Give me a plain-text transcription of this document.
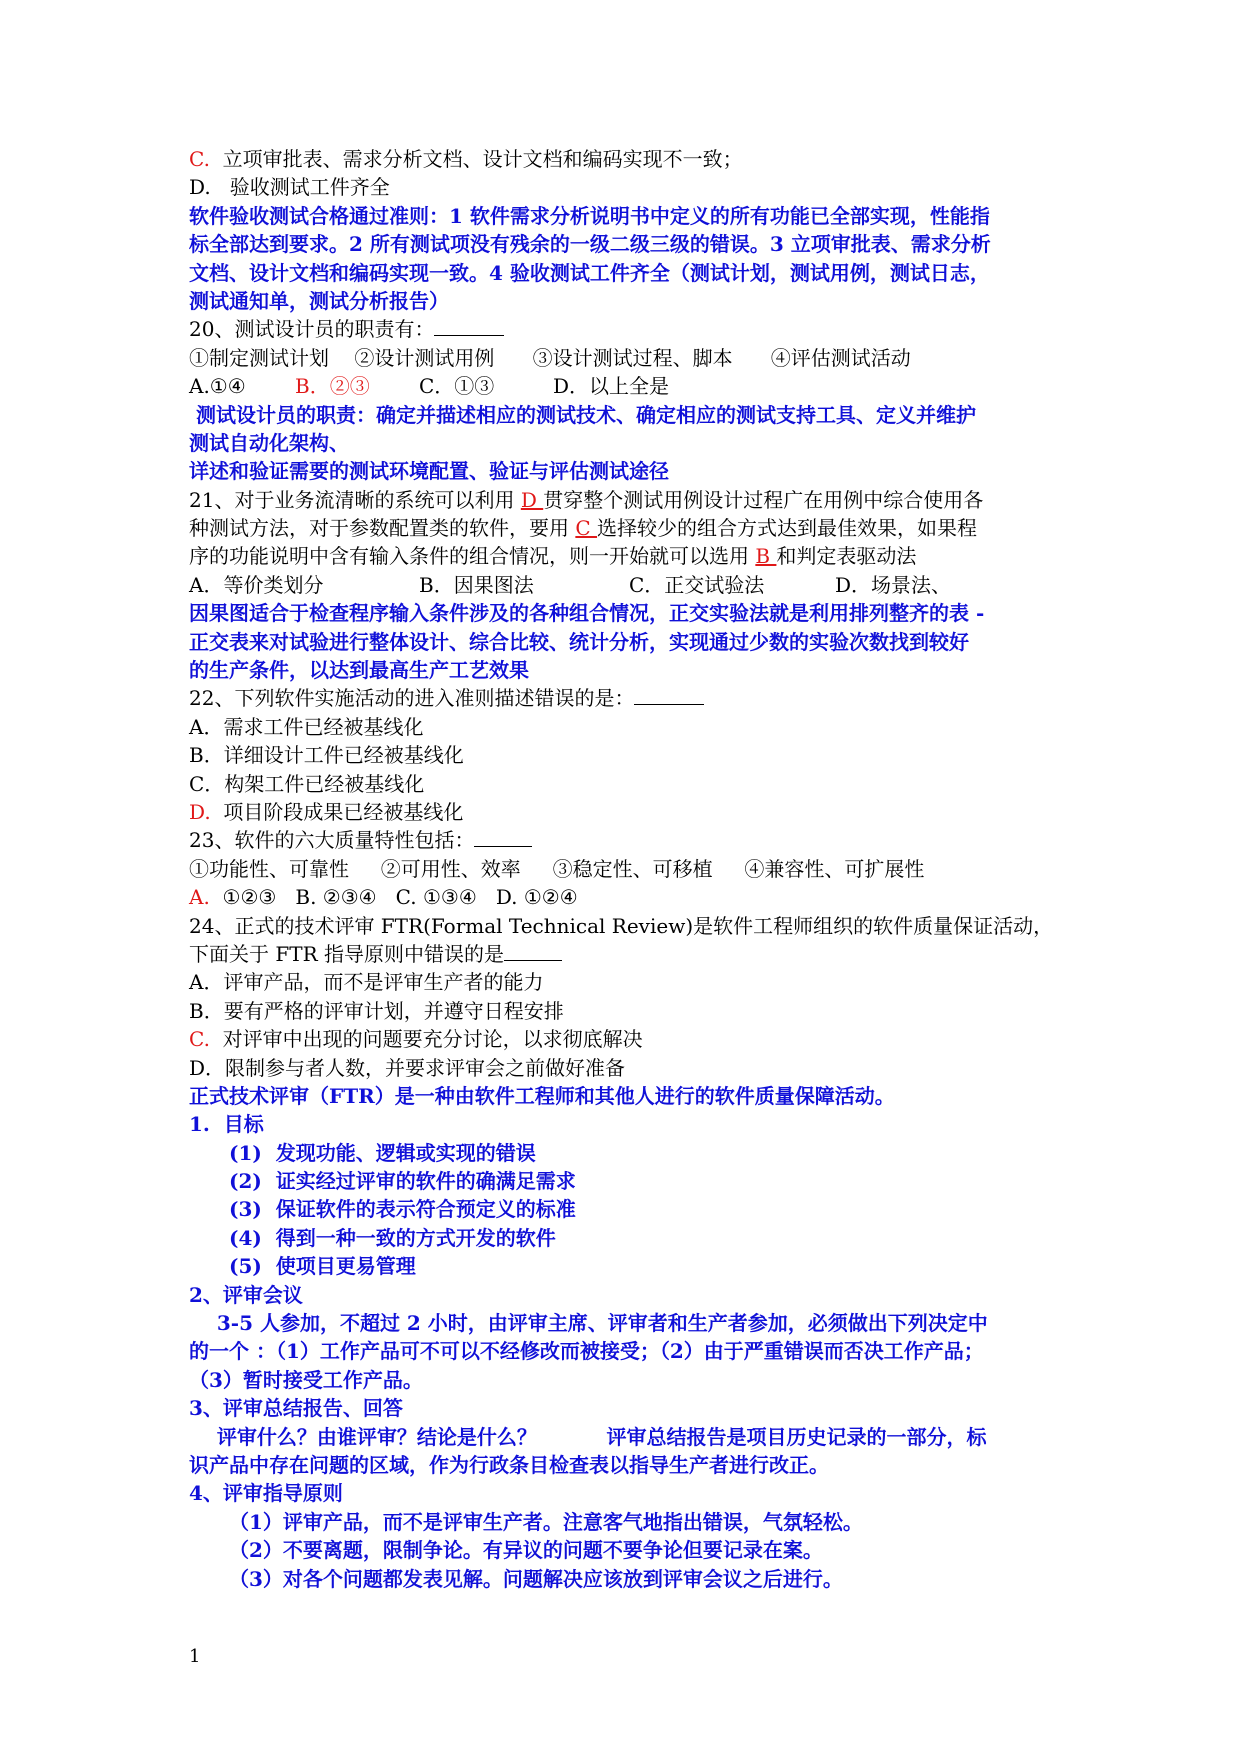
C.  立项审批表、需求分析文档、设计文档和编码实现不一致；
D.   验收测试工件齐全
软件验收测试合格通过准则：1 软件需求分析说明书中定义的所有功能已全部实现，性能指
标全部达到要求。2 所有测试项没有残余的一级二级三级的错误。3 立项审批表、需求分析
文档、设计文档和编码实现一致。4 验收测试工件齐全（测试计划，测试用例，测试日志，
测试通知单，测试分析报告）
20、测试设计员的职责有：
①制定测试计划    ②设计测试用例      ③设计测试过程、脚本      ④评估测试活动
A.①④ B．②③ C．①③	D．以上全是
测试设计员的职责：确定并描述相应的测试技术、确定相应的测试支持工具、定义并维护
测试自动化架构、
详述和验证需要的测试环境配置、验证与评估测试途径
21、对于业务流清晰的系统可以利用 D 贯穿整个测试用例设计过程广在用例中综合使用各
种测试方法，对于参数配置类的软件，要用 C 选择较少的组合方式达到最佳效果，如果程
序的功能说明中含有输入条件的组合情况，则一开始就可以选用 B 和判定表驱动法
A．等价类划分	B．因果图法	C．正交试验法	D．场景法、
因果图适合于检查程序输入条件涉及的各种组合情况，正交实验法就是利用排列整齐的表 -
正交表来对试验进行整体设计、综合比较、统计分析，实现通过少数的实验次数找到较好
的生产条件，以达到最高生产工艺效果
22、下列软件实施活动的进入准则描述错误的是：
A．需求工件已经被基线化
B．详细设计工件已经被基线化
C．构架工件已经被基线化
D.  项目阶段成果已经被基线化
23、软件的六大质量特性包括：
①功能性、可靠性     ②可用性、效率     ③稳定性、可移植     ④兼容性、可扩展性
A.  ①②③   B. ②③④   C. ①③④   D. ①②④
24、正式的技术评审 FTR(Formal Technical Review)是软件工程师组织的软件质量保证活动，
下面关于 FTR 指导原则中错误的是
A．评审产品，而不是评审生产者的能力
B．要有严格的评审计划，并遵守日程安排
C.  对评审中出现的问题要充分讨论，以求彻底解决
D．限制参与者人数，并要求评审会之前做好准备
正式技术评审（FTR）是一种由软件工程师和其他人进行的软件质量保障活动。
1.  目标
(1)  发现功能、逻辑或实现的错误
(2)  证实经过评审的软件的确满足需求
(3)  保证软件的表示符合预定义的标准
(4)  得到一种一致的方式开发的软件
(5)  使项目更易管理
2、评审会议
3-5 人参加，不超过 2 小时，由评审主席、评审者和生产者参加，必须做出下列决定中
的一个 ：（1）工作产品可不可以不经修改而被接受；（2）由于严重错误而否决工作产品；
（3）暂时接受工作产品。
3、评审总结报告、回答
评审什么？由谁评审？结论是什么？          评审总结报告是项目历史记录的一部分，标
识产品中存在问题的区域，作为行政条目检查表以指导生产者进行改正。
4、评审指导原则
（1）评审产品，而不是评审生产者。注意客气地指出错误，气氛轻松。
（2）不要离题，限制争论。有异议的问题不要争论但要记录在案。
（3）对各个问题都发表见解。问题解决应该放到评审会议之后进行。
1
